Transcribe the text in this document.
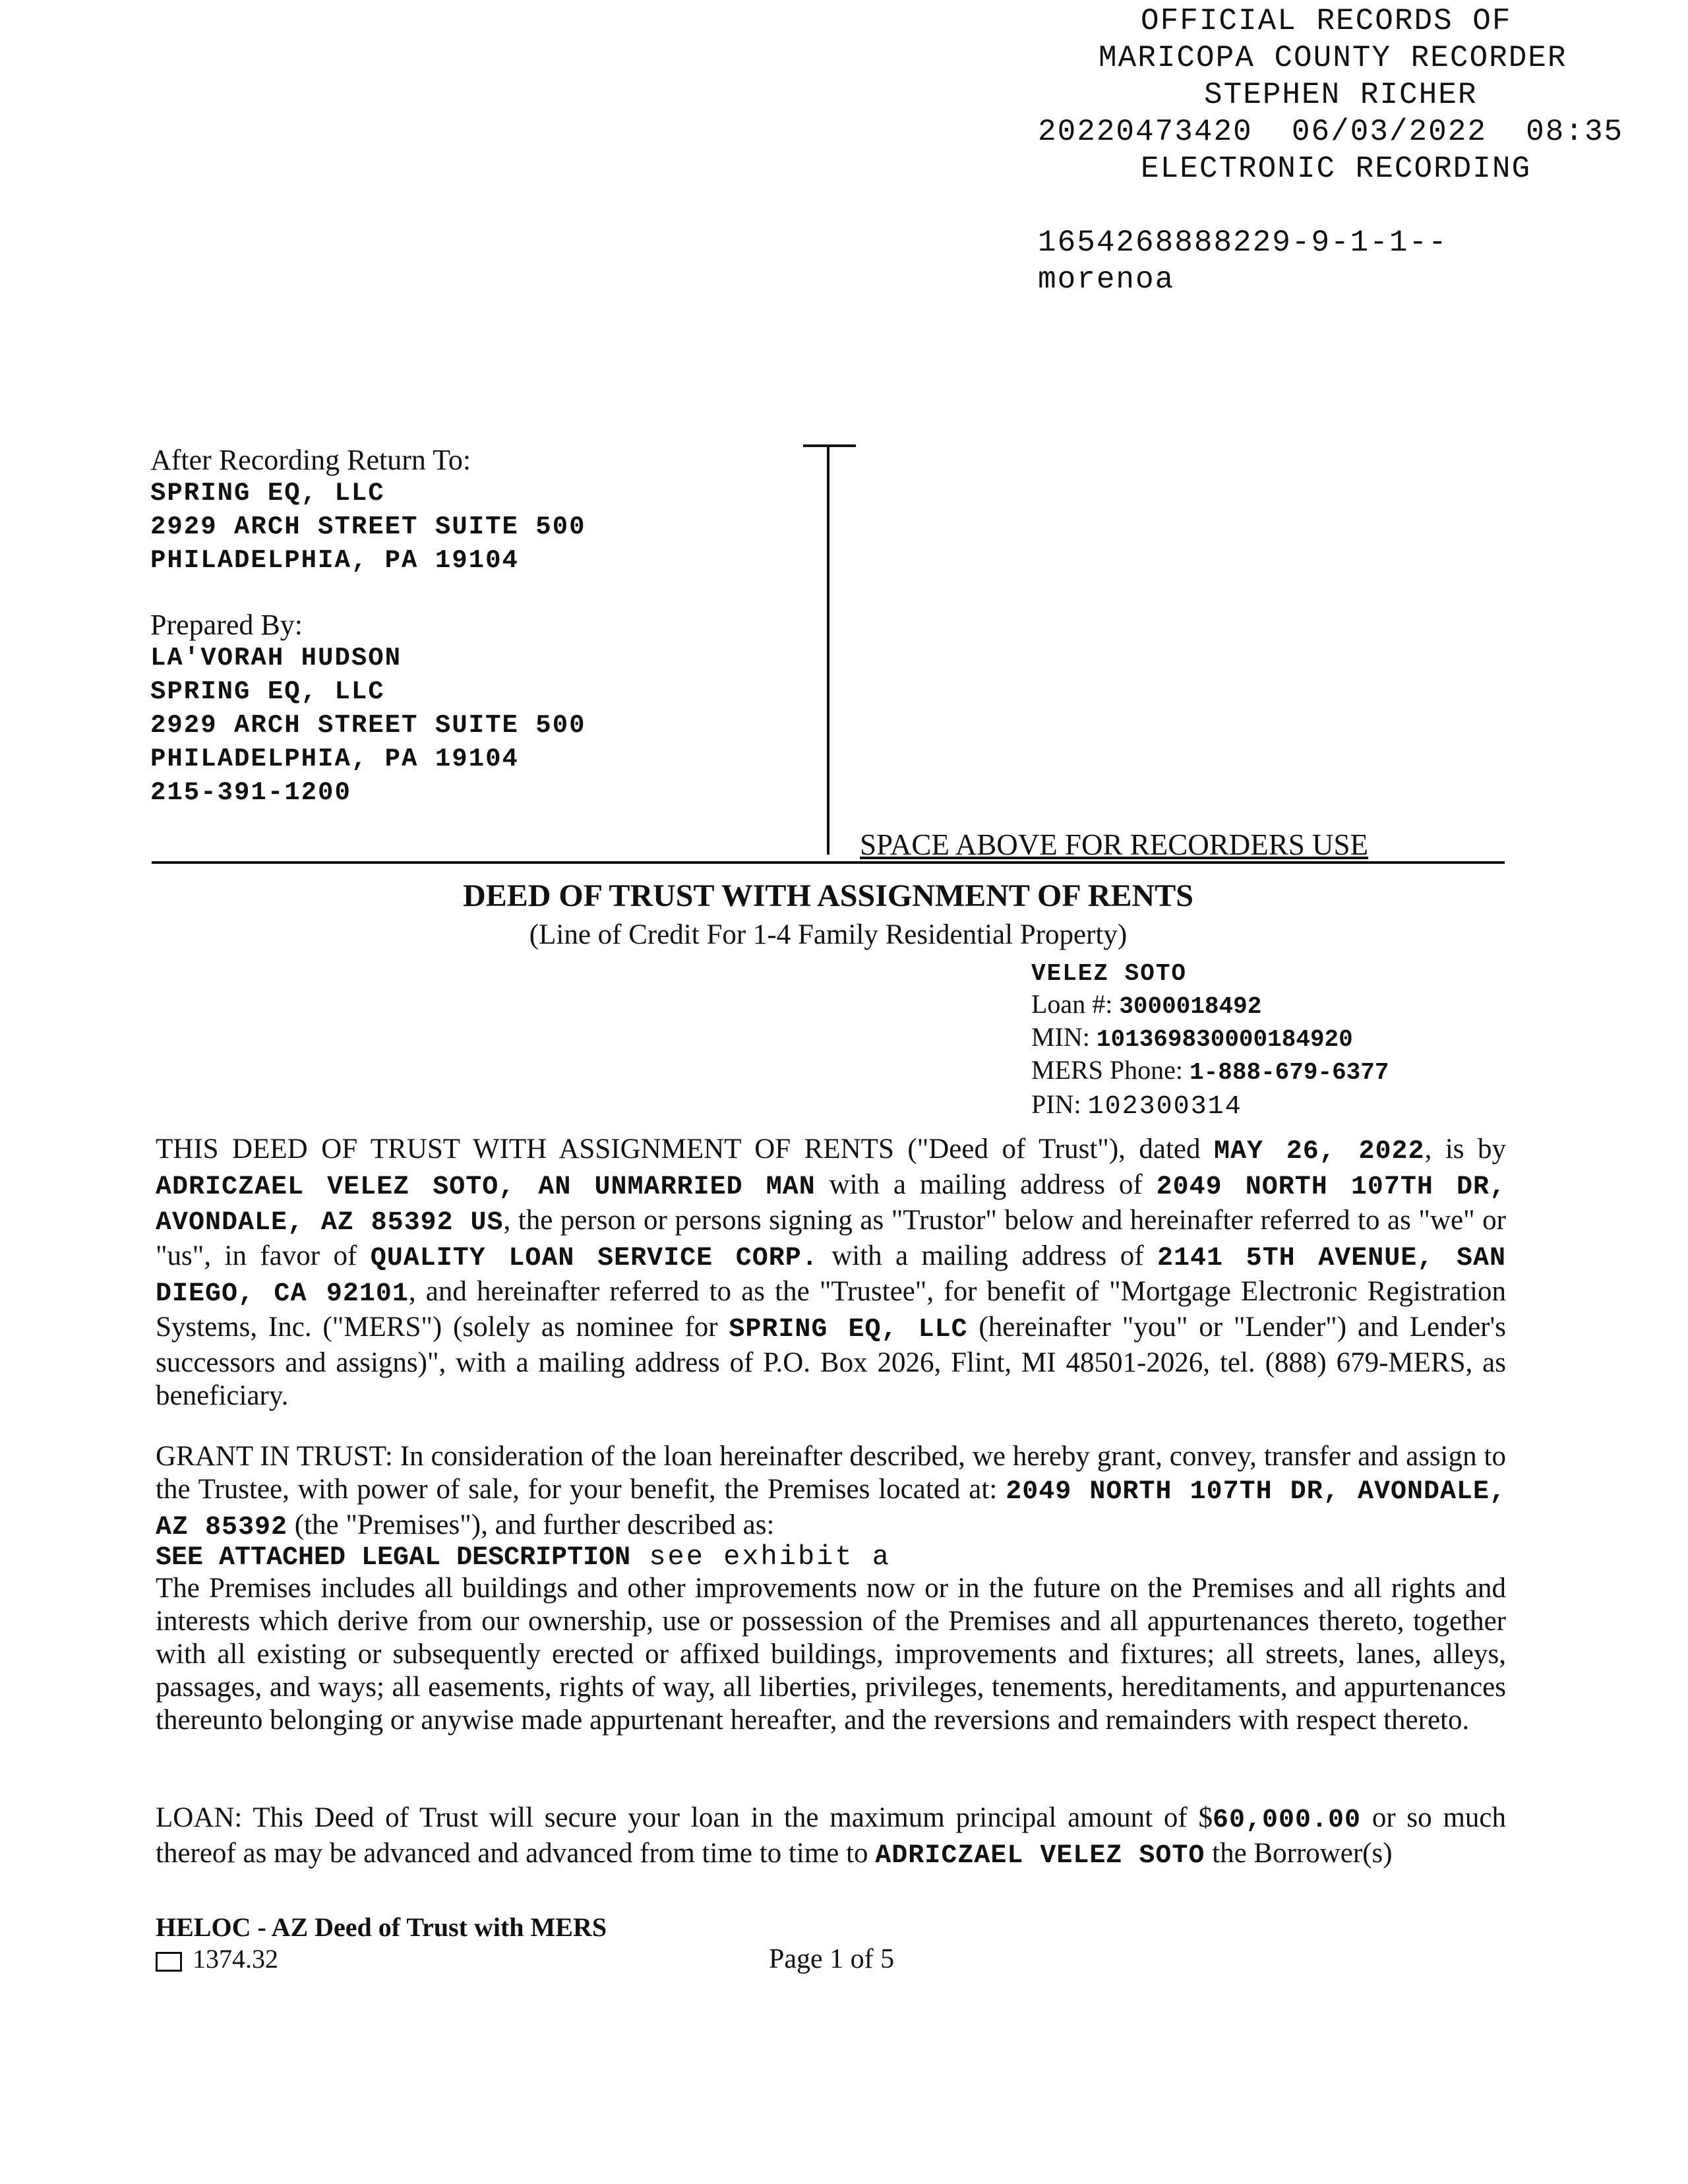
OFFICIAL RECORDS OF
MARICOPA COUNTY RECORDER
STEPHEN RICHER
20220473420 06/03/2022 08:35
ELECTRONIC RECORDING
1654268888229-9-1-1--
morenoa
After Recording Return To:
SPRING EQ, LLC
2929 ARCH STREET SUITE 500
PHILADELPHIA, PA 19104
Prepared By:
LA'VORAH HUDSON
SPRING EQ, LLC
2929 ARCH STREET SUITE 500
PHILADELPHIA, PA 19104
215-391-1200
SPACE ABOVE FOR RECORDERS USE
DEED OF TRUST WITH ASSIGNMENT OF RENTS
(Line of Credit For 1-4 Family Residential Property)
VELEZ SOTO
Loan #: 3000018492
MIN: 101369830000184920
MERS Phone: 1-888-679-6377
PIN: 102300314
THIS DEED OF TRUST WITH ASSIGNMENT OF RENTS ("Deed of Trust"), dated MAY 26, 2022, is by ADRICZAEL VELEZ SOTO, AN UNMARRIED MAN with a mailing address of 2049 NORTH 107TH DR, AVONDALE, AZ 85392 US, the person or persons signing as "Trustor" below and hereinafter referred to as "we" or "us", in favor of QUALITY LOAN SERVICE CORP. with a mailing address of 2141 5TH AVENUE, SAN DIEGO, CA 92101, and hereinafter referred to as the "Trustee", for benefit of "Mortgage Electronic Registration Systems, Inc. ("MERS") (solely as nominee for SPRING EQ, LLC (hereinafter "you" or "Lender") and Lender's successors and assigns)", with a mailing address of P.O. Box 2026, Flint, MI 48501-2026, tel. (888) 679-MERS, as beneficiary.
GRANT IN TRUST: In consideration of the loan hereinafter described, we hereby grant, convey, transfer and assign to the Trustee, with power of sale, for your benefit, the Premises located at: 2049 NORTH 107TH DR, AVONDALE, AZ 85392 (the "Premises"), and further described as:
SEE ATTACHED LEGAL DESCRIPTION see exhibit a
The Premises includes all buildings and other improvements now or in the future on the Premises and all rights and interests which derive from our ownership, use or possession of the Premises and all appurtenances thereto, together with all existing or subsequently erected or affixed buildings, improvements and fixtures; all streets, lanes, alleys, passages, and ways; all easements, rights of way, all liberties, privileges, tenements, hereditaments, and appurtenances thereunto belonging or anywise made appurtenant hereafter, and the reversions and remainders with respect thereto.
LOAN: This Deed of Trust will secure your loan in the maximum principal amount of $60,000.00 or so much thereof as may be advanced and advanced from time to time to ADRICZAEL VELEZ SOTO the Borrower(s)
HELOC - AZ Deed of Trust with MERS
1374.32	Page 1 of 5
